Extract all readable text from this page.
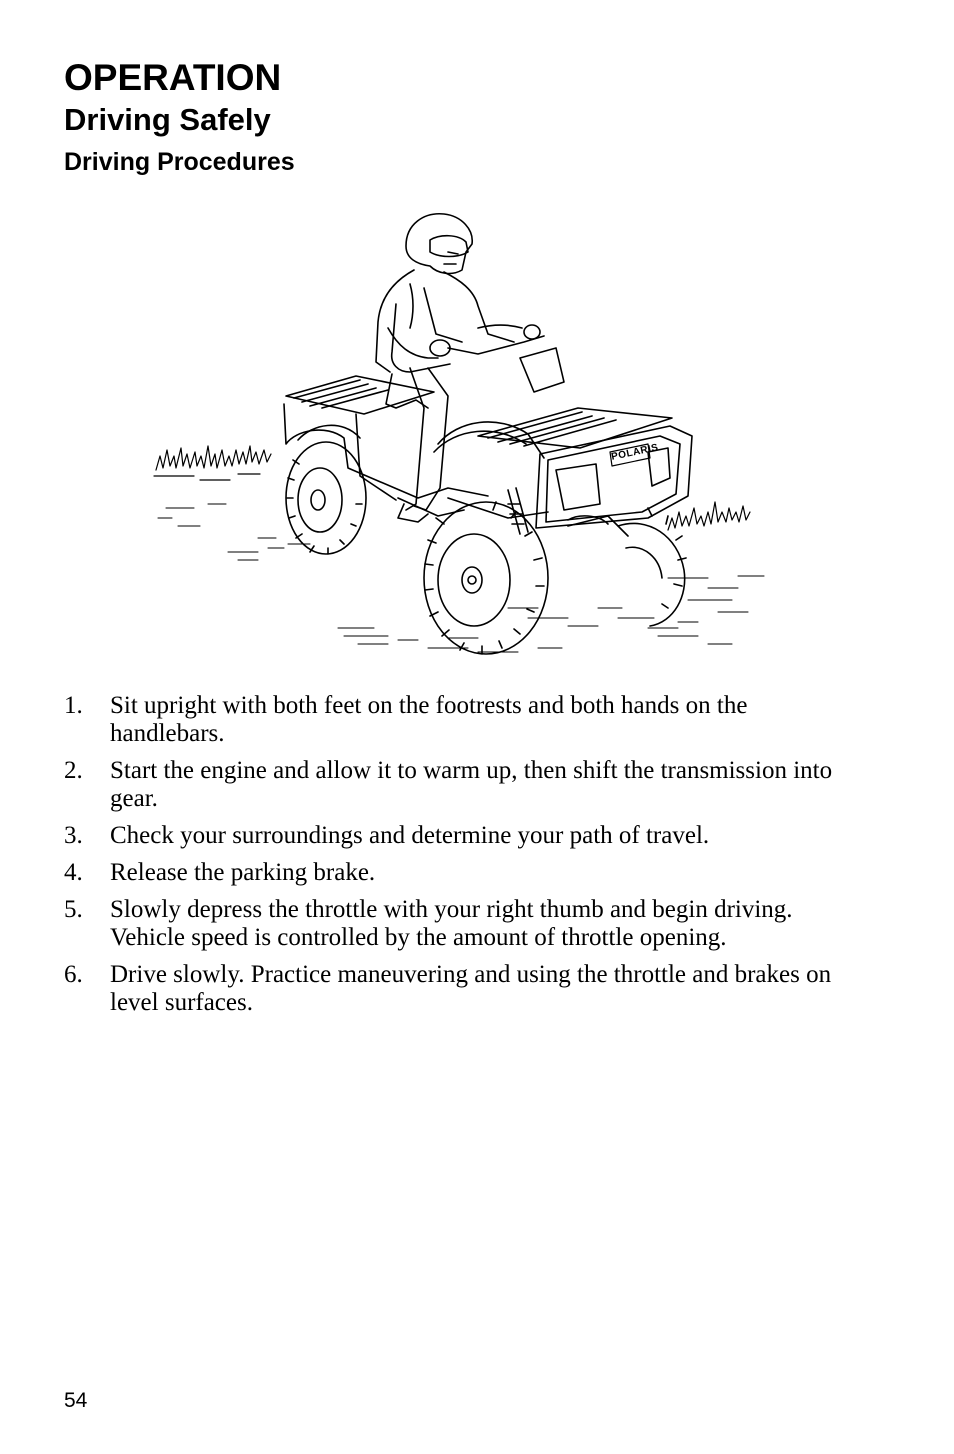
OPERATION
Driving Safely
Driving Procedures
POLARIS
1. Sit upright with both feet on the footrests and both hands on the handlebars.
2. Start the engine and allow it to warm up, then shift the transmission into gear.
3. Check your surroundings and determine your path of travel.
4. Release the parking brake.
5. Slowly depress the throttle with your right thumb and begin driving. Vehicle speed is controlled by the amount of throttle opening.
6. Drive slowly. Practice maneuvering and using the throttle and brakes on level surfaces.
54
